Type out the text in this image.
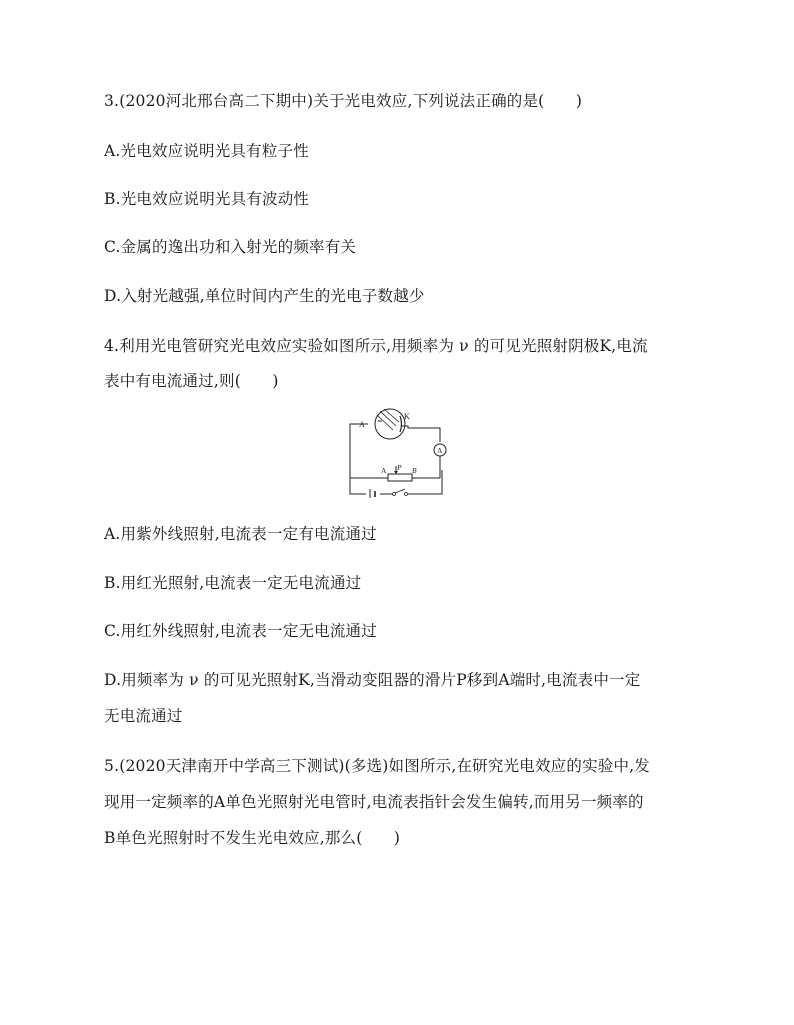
3.(2020河北邢台高二下期中)关于光电效应,下列说法正确的是(　　)
A.光电效应说明光具有粒子性
B.光电效应说明光具有波动性
C.金属的逸出功和入射光的频率有关
D.入射光越强,单位时间内产生的光电子数越少
4.利用光电管研究光电效应实验如图所示,用频率为 ν 的可见光照射阴极K,电流
表中有电流通过,则(　　)
A
K
A
A P B
A.用紫外线照射,电流表一定有电流通过
B.用红光照射,电流表一定无电流通过
C.用红外线照射,电流表一定无电流通过
D.用频率为 ν 的可见光照射K,当滑动变阻器的滑片P移到A端时,电流表中一定
无电流通过
5.(2020天津南开中学高三下测试)(多选)如图所示,在研究光电效应的实验中,发
现用一定频率的A单色光照射光电管时,电流表指针会发生偏转,而用另一频率的
B单色光照射时不发生光电效应,那么(　　)
